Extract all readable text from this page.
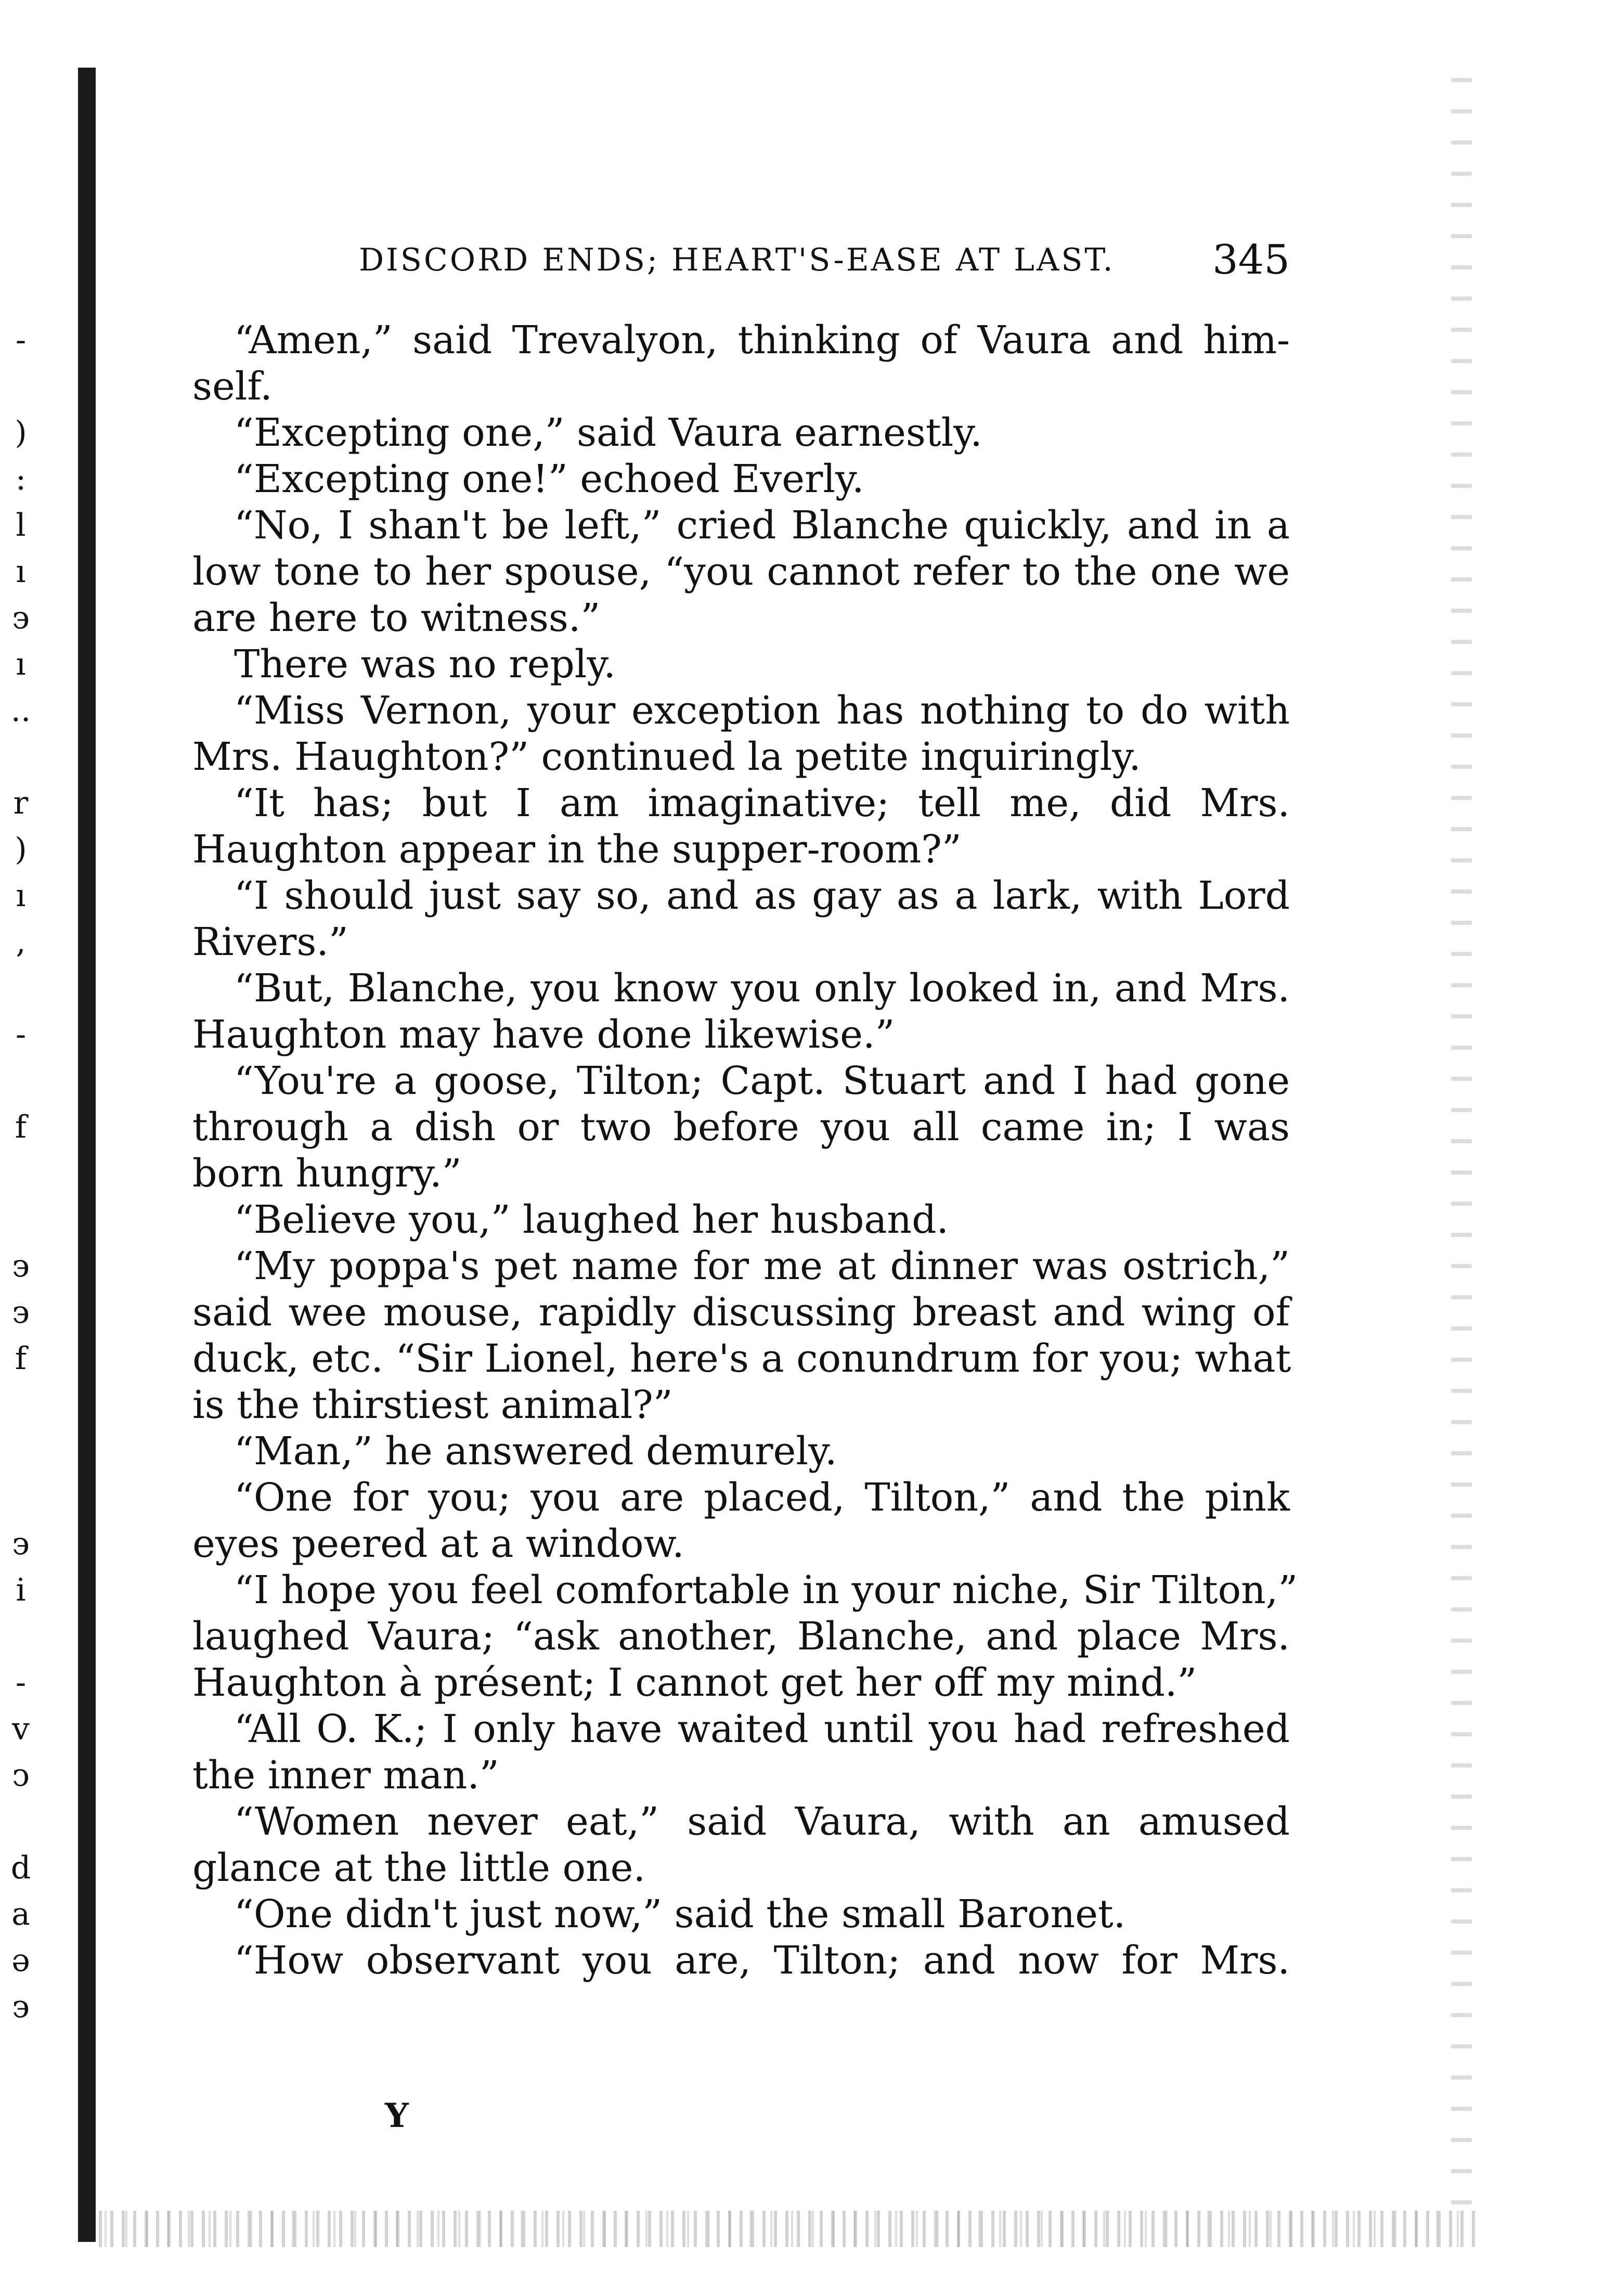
DISCORD ENDS; HEART'S-EASE AT LAST. 345
-
)
:
l
ı
э
ı
..
r
)
ı
,
-
f
э
э
f
э
i
-
v
ↄ
d
a
ə
э
“Amen,” said Trevalyon, thinking of Vaura and him-
self.
“Excepting one,” said Vaura earnestly.
“Excepting one!” echoed Everly.
“No, I shan't be left,” cried Blanche quickly, and in a
low tone to her spouse, “you cannot refer to the one we
are here to witness.”
There was no reply.
“Miss Vernon, your exception has nothing to do with
Mrs. Haughton?” continued la petite inquiringly.
“It has; but I am imaginative; tell me, did Mrs.
Haughton appear in the supper-room?”
“I should just say so, and as gay as a lark, with Lord
Rivers.”
“But, Blanche, you know you only looked in, and Mrs.
Haughton may have done likewise.”
“You're a goose, Tilton; Capt. Stuart and I had gone
through a dish or two before you all came in; I was
born hungry.”
“Believe you,” laughed her husband.
“My poppa's pet name for me at dinner was ostrich,”
said wee mouse, rapidly discussing breast and wing of
duck, etc. “Sir Lionel, here's a conundrum for you; what
is the thirstiest animal?”
“Man,” he answered demurely.
“One for you; you are placed, Tilton,” and the pink
eyes peered at a window.
“I hope you feel comfortable in your niche, Sir Tilton,”
laughed Vaura; “ask another, Blanche, and place Mrs.
Haughton à présent; I cannot get her off my mind.”
“All O. K.; I only have waited until you had refreshed
the inner man.”
“Women never eat,” said Vaura, with an amused
glance at the little one.
“One didn't just now,” said the small Baronet.
“How observant you are, Tilton; and now for Mrs.
Y
